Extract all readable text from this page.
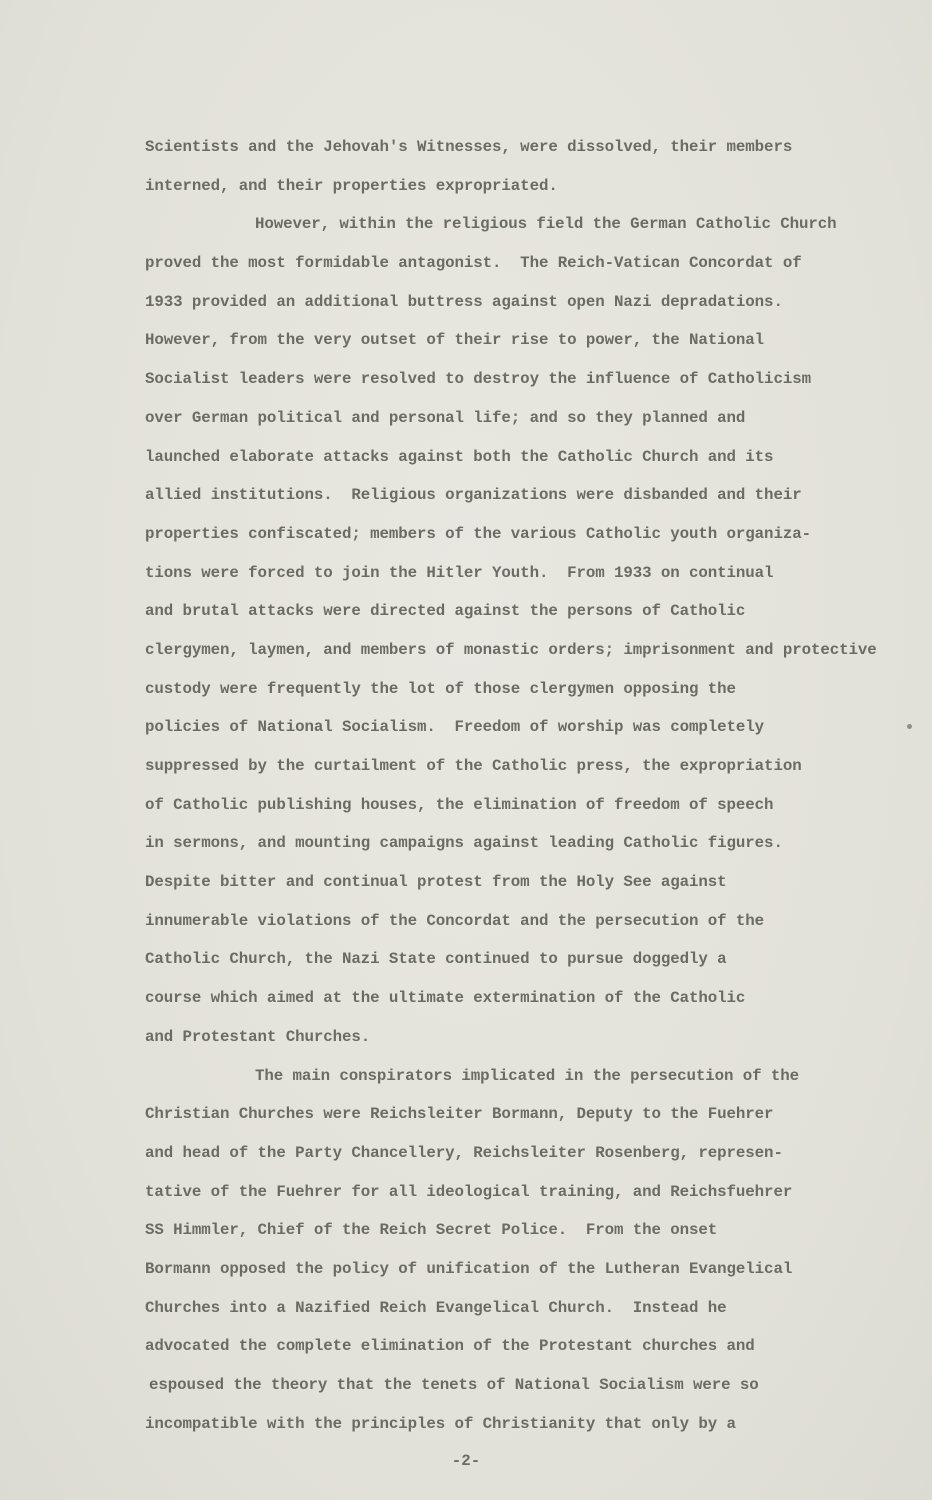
Scientists and the Jehovah's Witnesses, were dissolved, their members
interned, and their properties expropriated.
However, within the religious field the German Catholic Church
proved the most formidable antagonist.  The Reich-Vatican Concordat of
1933 provided an additional buttress against open Nazi depradations.
However, from the very outset of their rise to power, the National
Socialist leaders were resolved to destroy the influence of Catholicism
over German political and personal life; and so they planned and
launched elaborate attacks against both the Catholic Church and its
allied institutions.  Religious organizations were disbanded and their
properties confiscated; members of the various Catholic youth organiza-
tions were forced to join the Hitler Youth.  From 1933 on continual
and brutal attacks were directed against the persons of Catholic
clergymen, laymen, and members of monastic orders; imprisonment and protective
custody were frequently the lot of those clergymen opposing the
policies of National Socialism.  Freedom of worship was completely
suppressed by the curtailment of the Catholic press, the expropriation
of Catholic publishing houses, the elimination of freedom of speech
in sermons, and mounting campaigns against leading Catholic figures.
Despite bitter and continual protest from the Holy See against
innumerable violations of the Concordat and the persecution of the
Catholic Church, the Nazi State continued to pursue doggedly a
course which aimed at the ultimate extermination of the Catholic
and Protestant Churches.
The main conspirators implicated in the persecution of the
Christian Churches were Reichsleiter Bormann, Deputy to the Fuehrer
and head of the Party Chancellery, Reichsleiter Rosenberg, represen-
tative of the Fuehrer for all ideological training, and Reichsfuehrer
SS Himmler, Chief of the Reich Secret Police.  From the onset
Bormann opposed the policy of unification of the Lutheran Evangelical
Churches into a Nazified Reich Evangelical Church.  Instead he
advocated the complete elimination of the Protestant churches and
espoused the theory that the tenets of National Socialism were so
incompatible with the principles of Christianity that only by a
-2-
